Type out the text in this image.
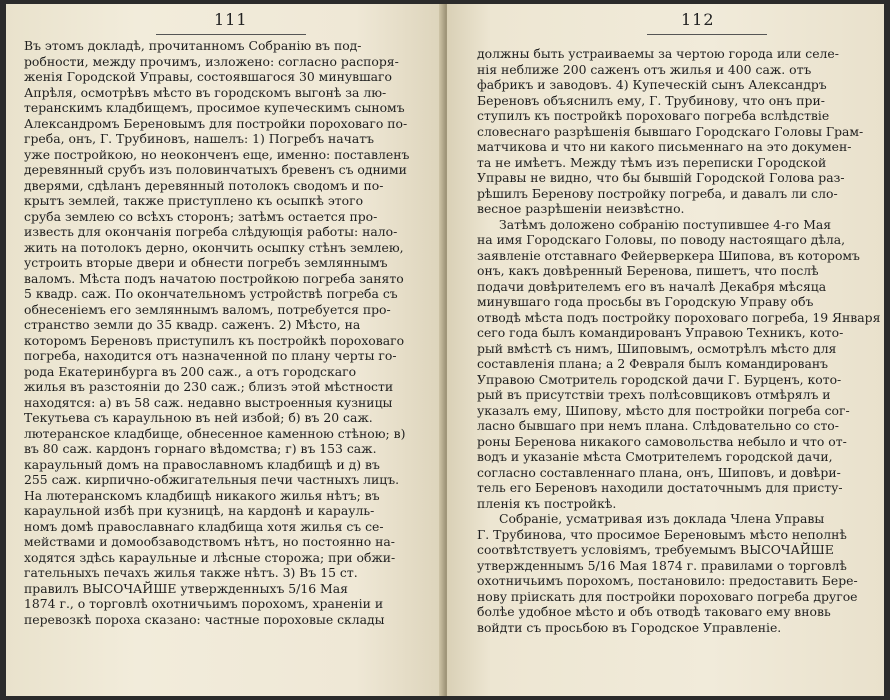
111
Въ этомъ докладѣ, прочитанномъ Собранію въ под-
робности, между прочимъ, изложено: согласно распоря-
женія Городской Управы, состоявшагося 30 минувшаго
Апрѣля, осмотрѣвъ мѣсто въ городскомъ выгонѣ за лю-
теранскимъ кладбищемъ, просимое купеческимъ сыномъ
Александромъ Береновымъ для постройки пороховаго по-
гребa, онъ, Г. Трубиновъ, нашелъ: 1) Погребъ начатъ
уже постройкою, но неоконченъ еще, именно: поставленъ
деревянный срубъ изъ половинчатыхъ бревенъ съ одними
дверями, сдѣланъ деревянный потолокъ сводомъ и по-
крытъ землей, также приступлено къ осыпкѣ этого
сруба землею со всѣхъ сторонъ; затѣмъ остается про-
известь для окончанія погреба слѣдующія работы: нало-
жить на потолокъ дерно, окончить осыпку стѣнъ землею,
устроить вторые двери и обнести погребъ земляннымъ
валомъ. Мѣста подъ начатою постройкою погреба занято
5 квадр. саж. По окончательномъ устройствѣ погреба съ
обнесеніемъ его земляннымъ валомъ, потребуется про-
странство земли до 35 квадр. саженъ. 2) Мѣсто, на
которомъ Береновъ приступилъ къ постройкѣ пороховаго
погреба, находится отъ назначенной по плану черты го-
рода Екатеринбурга въ 200 саж., а отъ городскаго
жилья въ разстояніи до 230 саж.; близъ этой мѣстности
находятся: а) въ 58 саж. недавно выстроенныя кузницы
Текутьева съ караульною въ ней избой; б) въ 20 саж.
лютеранское кладбище, обнесенное каменною стѣною; в)
въ 80 саж. кардонъ горнаго вѣдомства; г) въ 153 саж.
караульный домъ на православномъ кладбищѣ и д) въ
255 саж. кирпично-обжигательныя печи частныхъ лицъ.
На лютеранскомъ кладбищѣ никакого жилья нѣтъ; въ
караульной избѣ при кузницѣ, на кардонѣ и карауль-
номъ домѣ православнаго кладбища хотя жилья съ се-
мействами и домообзаводствомъ нѣтъ, но постоянно на-
ходятся здѣсь караульные и лѣсные сторожа; при обжи-
гательныхъ печахъ жилья также нѣтъ. 3) Въ 15 ст.
правилъ ВЫСОЧАЙШЕ утвержденныхъ 5/16 Мая
1874 г., о торговлѣ охотничьимъ порохомъ, храненіи и
перевозкѣ пороха сказано: частные пороховые склады
112
должны быть устраиваемы за чертою города или селе-
нія неближе 200 саженъ отъ жилья и 400 саж. отъ
фабрикъ и заводовъ. 4) Купеческій сынъ Александръ
Береновъ объяснилъ ему, Г. Трубинову, что онъ при-
ступилъ къ постройкѣ пороховаго погреба вслѣдствіе
словеснаго разрѣшенія бывшаго Городскаго Головы Грам-
матчикова и что ни какого письменнаго на это докумен-
та не имѣетъ. Между тѣмъ изъ переписки Городской
Управы не видно, что бы бывшій Городской Голова раз-
рѣшилъ Беренову постройку погреба, и давалъ ли сло-
весное разрѣшеніи неизвѣстно.
Затѣмъ доложено собранію поступившее 4-го Мая
на имя Городскаго Головы, по поводу настоящаго дѣла,
заявленіе отставнаго Фейерверкера Шипова, въ которомъ
онъ, какъ довѣренный Беренова, пишетъ, что послѣ
подачи довѣрителемъ его въ началѣ Декабря мѣсяца
минувшаго года просьбы въ Городскую Управу объ
отводѣ мѣста подъ постройку пороховаго погреба, 19 Января
сего года былъ командированъ Управою Техникъ, кото-
рый вмѣстѣ съ нимъ, Шиповымъ, осмотрѣлъ мѣсто для
составленія плана; а 2 Февраля былъ командированъ
Управою Смотритель городской дачи Г. Бурценъ, кото-
рый въ присутствіи трехъ полѣсовщиковъ отмѣрялъ и
указалъ ему, Шипову, мѣсто для постройки погреба сог-
ласно бывшаго при немъ плана. Слѣдовательно со сто-
роны Беренова никакого самовольства небыло и что от-
водъ и указаніе мѣста Смотрителемъ городской дачи,
согласно составленнаго плана, онъ, Шиповъ, и довѣри-
тель его Береновъ находили достаточнымъ для присту-
пленія къ постройкѣ.
Собраніе, усматривая изъ доклада Члена Управы
Г. Трубинова, что просимое Береновымъ мѣсто неполнѣ
соотвѣтствуетъ условіямъ, требуемымъ ВЫСОЧАЙШЕ
утвержденнымъ 5/16 Мая 1874 г. правилами о торговлѣ
охотничьимъ порохомъ, постановило: предоставить Бере-
нову пріискать для постройки пороховаго погреба другое
болѣе удобное мѣсто и объ отводѣ таковаго ему вновь
войдти съ просьбою въ Городское Управленіе.
